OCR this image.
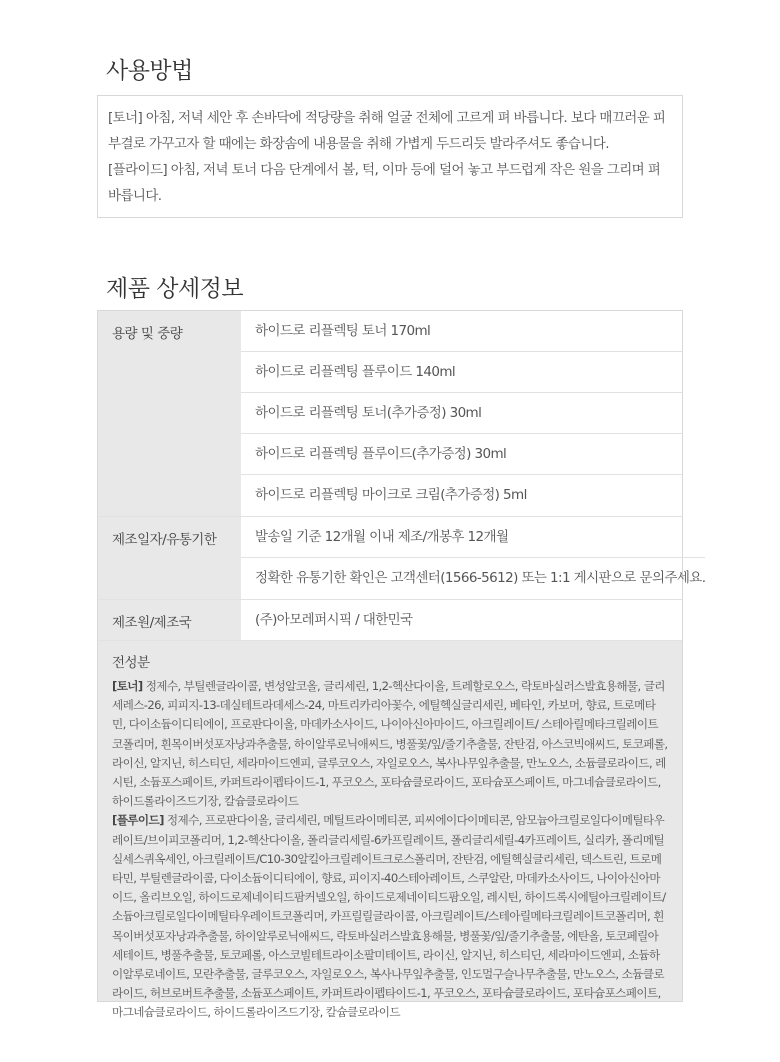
사용방법

[토너] 아침, 저녁 세안 후 손바닥에 적당량을 취해 얼굴 전체에 고르게 펴 바릅니다. 보다 매끄러운 피부결로 가꾸고자 할 때에는 화장솜에 내용물을 취해 가볍게 두드리듯 발라주셔도 좋습니다.

[플라이드] 아침, 저녁 토너 다음 단계에서 볼, 턱, 이마 등에 덜어 놓고 부드럽게 작은 원을 그리며 펴 바릅니다.

제품 상세정보
용량 및 중량	하이드로 리플렉팅 토너 170ml
하이드로 리플렉팅 플루이드 140ml
하이드로 리플렉팅 토너(추가증정) 30ml
하이드로 리플렉팅 플루이드(추가증정) 30ml
하이드로 리플렉팅 마이크로 크림(추가증정) 5ml
제조일자/유통기한	발송일 기준 12개월 이내 제조/개봉후 12개월
정확한 유통기한 확인은 고객센터(1566-5612) 또는 1:1 게시판으로 문의주세요.
제조원/제조국	(주)아모레퍼시픽 / 대한민국
전성분
[토너] 정제수, 부틸렌글라이콜, 변성알코올, 글리세린, 1,2-헥산다이올, 트레할로오스, 락토바실러스발효용해물, 글리세레스-26, 피피지-13-데실테트라데세스-24, 마트리카리아꽃수, 에틸헥실글리세린, 베타인, 카보머, 향료, 트로메타민, 다이소듐이디티에이, 프로판다이올, 마데카소사이드, 나이아신아마이드, 아크릴레이트/ 스테아릴메타크릴레이트코폴리머, 흰목이버섯포자낭과추출물, 하이알루로닉애씨드, 병풀꽃/잎/줄기추출물, 잔탄검, 아스코빅애씨드, 토코페롤, 라이신, 알지닌, 히스티딘, 세라마이드엔피, 글루코오스, 자일로오스, 복사나무잎추출물, 만노오스, 소듐클로라이드, 레시틴, 소듐포스페이트, 카퍼트라이펩타이드-1, 푸코오스, 포타슘클로라이드, 포타슘포스페이트, 마그네슘클로라이드, 하이드롤라이즈드기장, 칼슘클로라이드
[플루이드] 정제수, 프로판다이올, 글리세린, 메틸트라이메티콘, 피씨에이다이메티콘, 암모늄아크릴로일다이메틸타우레이트/브이피코폴리머, 1,2-헥산다이올, 폴리글리세릴-6카프릴레이트, 폴리글리세릴-4카프레이트, 실리카, 폴리메틸실세스퀴옥세인, 아크릴레이트/C10-30알킬아크릴레이트크로스폴리머, 잔탄검, 에틸헥실글리세린, 덱스트린, 트로메타민, 부틸렌글라이콜, 다이소듐이디티에이, 향료, 피이지-40스테아레이트, 스쿠알란, 마데카소사이드, 나이아신아마이드, 올리브오일, 하이드로제네이티드팜커넬오일, 하이드로제네이티드팜오일, 레시틴, 하이드록시에틸아크릴레이트/소듐아크릴로일다이메틸타우레이트코폴리머, 카프릴릴글라이콜, 아크릴레이트/스테아릴메타크릴레이트코폴리머, 흰목이버섯포자낭과추출물, 하이알루로닉애씨드, 락토바실러스발효용해물, 병풀꽃/잎/줄기추출물, 에탄올, 토코페릴아세테이트, 병풀추출물, 토코페롤, 아스코빌테트라이소팔미테이트, 라이신, 알지닌, 히스티딘, 세라마이드엔피, 소듐하이알루로네이트, 모란추출물, 글루코오스, 자일로오스, 복사나무잎추출물, 인도멀구슬나무추출물, 만노오스, 소듐클로라이드, 허브로버트추출물, 소듐포스페이트, 카퍼트라이펩타이드-1, 푸코오스, 포타슘클로라이드, 포타슘포스페이트, 마그네슘클로라이드, 하이드롤라이즈드기장, 칼슘클로라이드
